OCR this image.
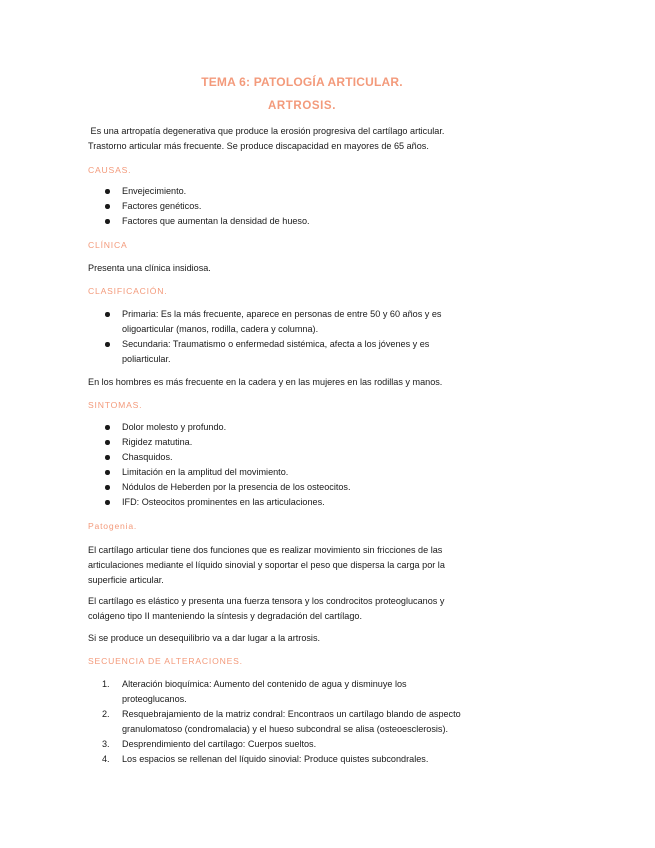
TEMA 6: PATOLOGÍA ARTICULAR.
ARTROSIS.
Es una artropatía degenerativa que produce la erosión progresiva del cartílago articular.
Trastorno articular más frecuente. Se produce discapacidad en mayores de 65 años.
CAUSAS.
Envejecimiento.
Factores genéticos.
Factores que aumentan la densidad de hueso.
CLÍNICA
Presenta una clínica insidiosa.
CLASIFICACIÓN.
Primaria: Es la más frecuente, aparece en personas de entre 50 y 60 años y es
oligoarticular (manos, rodilla, cadera y columna).
Secundaria: Traumatismo o enfermedad sistémica, afecta a los jóvenes y es
poliarticular.
En los hombres es más frecuente en la cadera y en las mujeres en las rodillas y manos.
SINTOMAS.
Dolor molesto y profundo.
Rigidez matutina.
Chasquidos.
Limitación en la amplitud del movimiento.
Nódulos de Heberden por la presencia de los osteocitos.
IFD: Osteocitos prominentes en las articulaciones.
Patogenia.
El cartílago articular tiene dos funciones que es realizar movimiento sin fricciones de las
articulaciones mediante el líquido sinovial y soportar el peso que dispersa la carga por la
superficie articular.
El cartílago es elástico y presenta una fuerza tensora y los condrocitos proteoglucanos y
colágeno tipo II manteniendo la síntesis y degradación del cartílago.
Si se produce un desequilibrio va a dar lugar a la artrosis.
SECUENCIA DE ALTERACIONES.
1. Alteración bioquímica: Aumento del contenido de agua y disminuye los
proteoglucanos.
2. Resquebrajamiento de la matriz condral: Encontraos un cartílago blando de aspecto
granulomatoso (condromalacia) y el hueso subcondral se alisa (osteoesclerosis).
3. Desprendimiento del cartílago: Cuerpos sueltos.
4. Los espacios se rellenan del líquido sinovial: Produce quistes subcondrales.
